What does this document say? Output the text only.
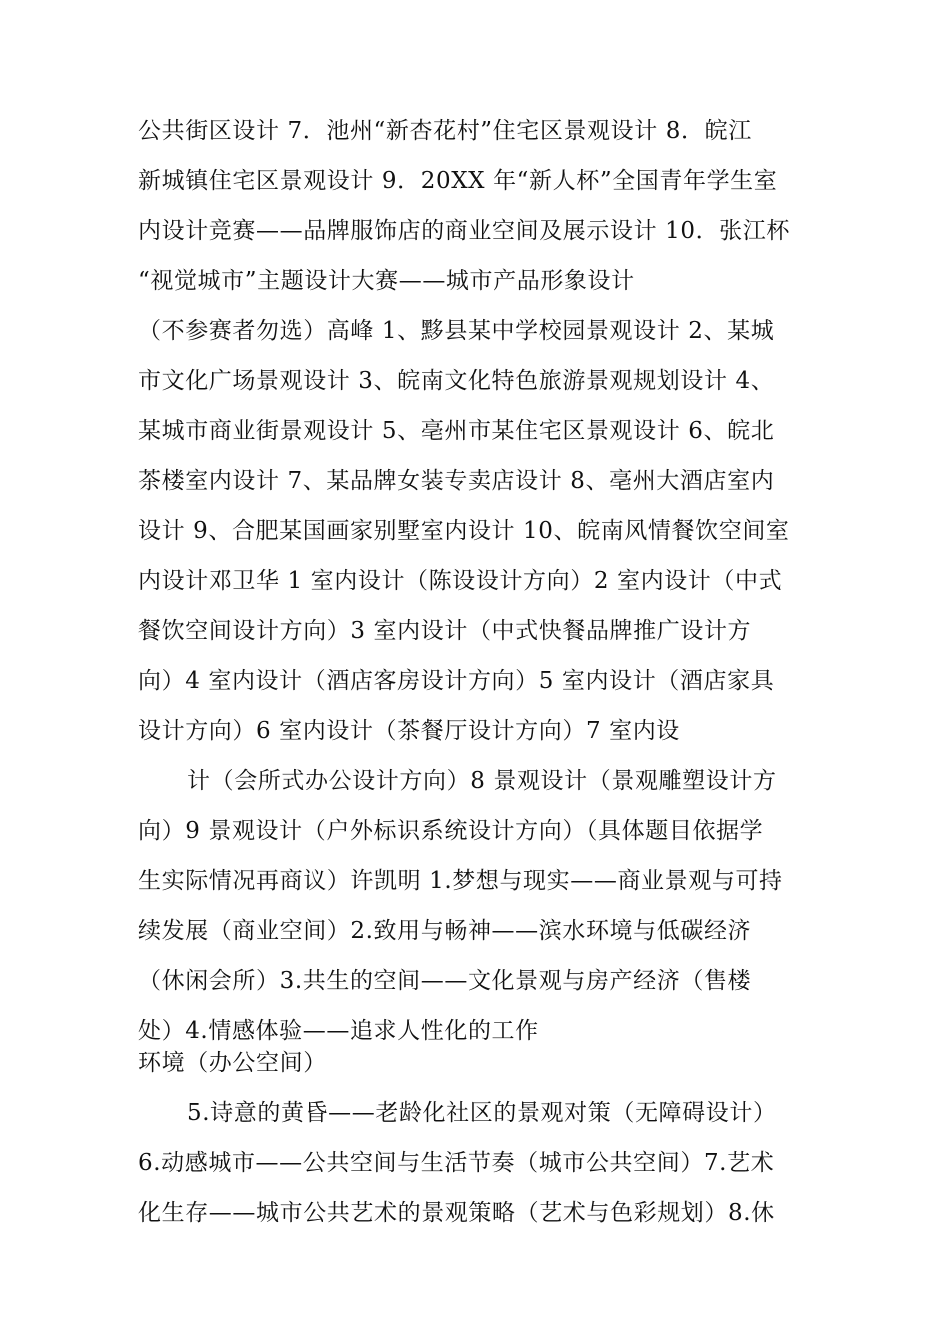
公共街区设计 7．池州“新杏花村”住宅区景观设计 8．皖江
新城镇住宅区景观设计 9．20XX 年“新人杯”全国青年学生室
内设计竞赛——品牌服饰店的商业空间及展示设计 10．张江杯
“视觉城市”主题设计大赛——城市产品形象设计
（不参赛者勿选）高峰 1、黟县某中学校园景观设计 2、某城
市文化广场景观设计 3、皖南文化特色旅游景观规划设计 4、
某城市商业街景观设计 5、亳州市某住宅区景观设计 6、皖北
茶楼室内设计 7、某品牌女装专卖店设计 8、亳州大酒店室内
设计 9、合肥某国画家别墅室内设计 10、皖南风情餐饮空间室
内设计邓卫华 1 室内设计（陈设设计方向）2 室内设计（中式
餐饮空间设计方向）3 室内设计（中式快餐品牌推广设计方
向）4 室内设计（酒店客房设计方向）5 室内设计（酒店家具
设计方向）6 室内设计（茶餐厅设计方向）7 室内设
计（会所式办公设计方向）8 景观设计（景观雕塑设计方
向）9 景观设计（户外标识系统设计方向）（具体题目依据学
生实际情况再商议）许凯明 1.梦想与现实——商业景观与可持
续发展（商业空间）2.致用与畅神——滨水环境与低碳经济
（休闲会所）3.共生的空间——文化景观与房产经济（售楼
处）4.情感体验——追求人性化的工作
环境（办公空间）
5.诗意的黄昏——老龄化社区的景观对策（无障碍设计）
6.动感城市——公共空间与生活节奏（城市公共空间）7.艺术
化生存——城市公共艺术的景观策略（艺术与色彩规划）8.休
